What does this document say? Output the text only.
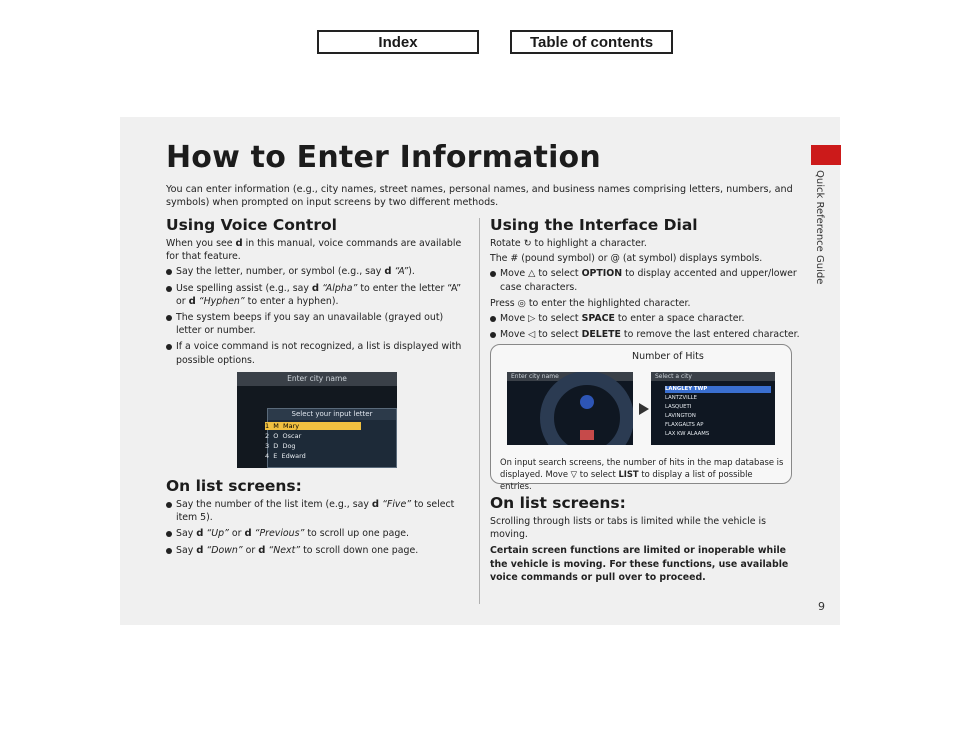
Index	Table of contents
Quick Reference Guide
9
How to Enter Information
You can enter information (e.g., city names, street names, personal names, and business names comprising letters, numbers, and symbols) when prompted on input screens by two different methods.
Using Voice Control

When you see d in this manual, voice commands are available for that feature.

Say the letter, number, or symbol (e.g., say d “A”).
Use spelling assist (e.g., say d “Alpha” to enter the letter “A” or d “Hyphen” to enter a hyphen).
The system beeps if you say an unavailable (grayed out) letter or number.
If a voice command is not recognized, a list is displayed with possible options.
Enter city name
Select your input letter
1 M Mary
2 O Oscar
3 D Dog
4 E Edward
On list screens:
Say the number of the list item (e.g., say d “Five” to select item 5).
Say d “Up” or d “Previous” to scroll up one page.
Say d “Down” or d “Next” to scroll down one page.
Using the Interface Dial

Rotate ↻ to highlight a character.

The # (pound symbol) or @ (at symbol) displays symbols.

Move △ to select OPTION to display accented and upper/lower case characters.

Press ◎ to enter the highlighted character.

Move ▷ to select SPACE to enter a space character.
Move ◁ to select DELETE to remove the last entered character.
Number of Hits
Enter city name	Select a city
LANGLEY TWP
LANTZVILLE
LASQUETI
LAVINGTON
FLAXGALTS AP
LAX KW ALAAMS
On input search screens, the number of hits in the map database is displayed. Move ▽ to select LIST to display a list of possible entries.
On list screens:

Scrolling through lists or tabs is limited while the vehicle is moving.

Certain screen functions are limited or inoperable while the vehicle is moving. For these functions, use available voice commands or pull over to proceed.
